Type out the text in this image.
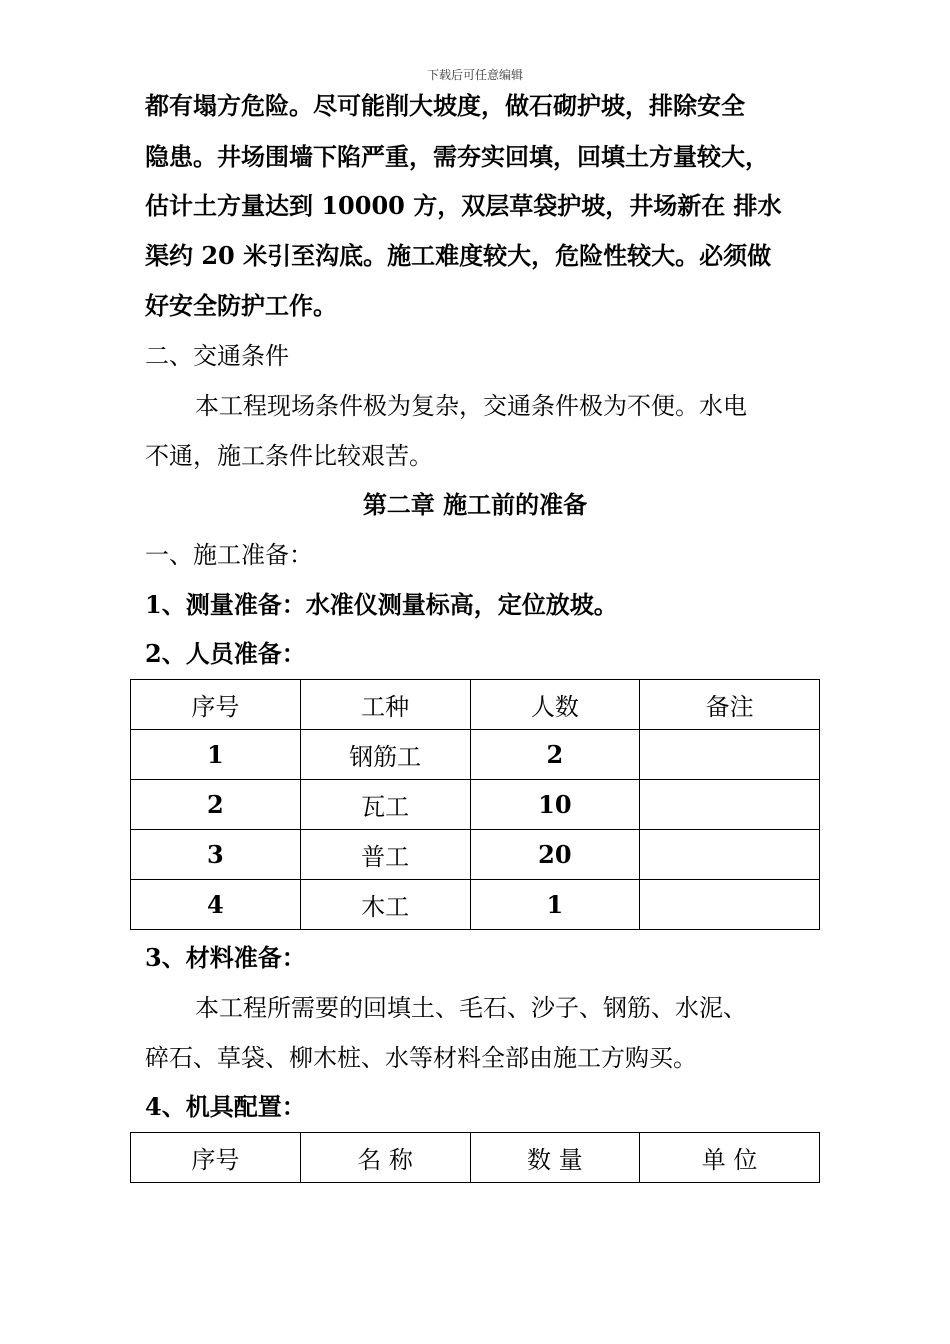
下载后可任意编辑
都有塌方危险。尽可能削大坡度，做石砌护坡，排除安全
隐患。井场围墙下陷严重，需夯实回填，回填土方量较大，
估计土方量达到 10000 方，双层草袋护坡，井场新在 排水
渠约 20 米引至沟底。施工难度较大，危险性较大。必须做
好安全防护工作。
二、交通条件
本工程现场条件极为复杂，交通条件极为不便。水电
不通，施工条件比较艰苦。
第二章 施工前的准备
一、施工准备：
1、测量准备：水准仪测量标高，定位放坡。
2、人员准备：
序号	工种	人数	备注
1	钢筋工	2	
2	瓦工	10	
3	普工	20	
4	木工	1	
3、材料准备：
本工程所需要的回填土、毛石、沙子、钢筋、水泥、
碎石、草袋、柳木桩、水等材料全部由施工方购买。
4、机具配置：
序号	名 称	数 量	单 位
